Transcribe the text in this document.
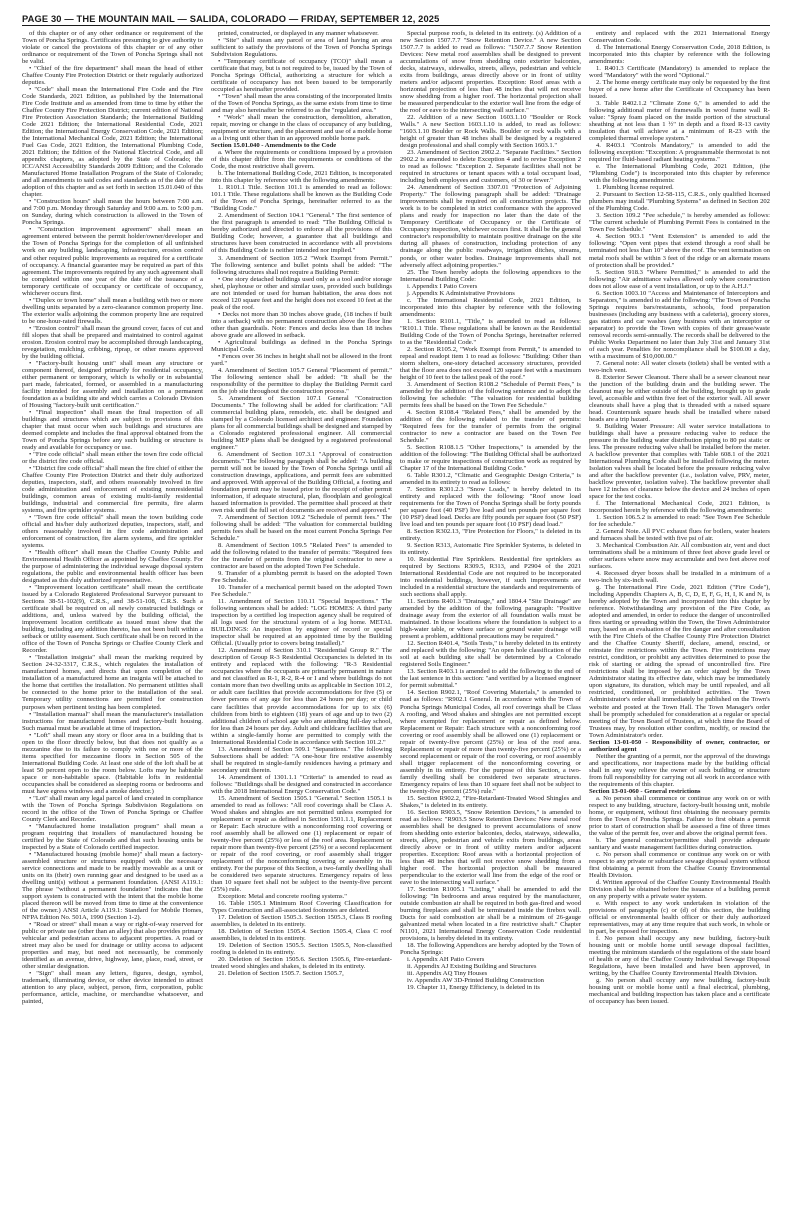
PAGE 30 — THE MOUNTAIN MAIL — SALIDA, COLORADO — FRIDAY, SEPTEMBER 12, 2025

of this chapter or of any other ordinance or requirement of the Town of Poncha Springs. Certificates presuming to give authority to violate or cancel the provisions of this chapter or of any other ordinance or requirement of the Town of Poncha Springs shall not be valid.

• "Chief of the fire department" shall mean the head of either Chaffee County Fire Protection District or their regularly authorized deputies.

• "Code" shall mean the International Fire Code and the Fire Code Standards, 2021 Edition, as published by the International Fire Code Institute and as amended from time to time by either the Chaffee County Fire Protection District; current edition of National Fire Protection Association Standards; the International Building Code 2021 Edition; the International Residential Code, 2021 Edition; the International Energy Conservation Code, 2021 Edition; the International Mechanical Code, 2021 Edition; the International Fuel Gas Code, 2021 Edition, the International Plumbing Code, 2021 Edition; the Edition of the National Electrical Code, and all appendix chapters, as adopted by the State of Colorado; the ICC/ANSI Accessibility Standards 2009 Edition; and the Colorado Manufactured Home Installation Program of the State of Colorado; and all amendments to said codes and standards as of the date of the adoption of this chapter and as set forth in section 15.01.040 of this chapter.

• "Construction hours" shall mean the hours between 7:00 a.m. and 7:00 p.m. Monday through Saturday and 9:00 a.m. to 5:00 p.m. on Sunday, during which construction is allowed in the Town of Poncha Springs.

• "Construction improvement agreement" shall mean an agreement entered between the permit holder/owner/developer and the Town of Poncha Springs for the completion of all unfinished work on any building, landscaping, infrastructure, erosion control and other required public improvements as required for a certificate of occupancy. A financial guarantee may be required as part of this agreement. The improvements required by any such agreement shall be completed within one year of the date of the issuance of a temporary certificate of occupancy or certificate of occupancy, whichever occurs first.

• "Duplex or town home" shall mean a building with two or more dwelling units separated by a zero-clearance common property line. The exterior walls adjoining the common property line are required to be one-hour-rated firewalls.

• "Erosion control" shall mean the ground cover, faces of cut and fill slopes that shall be prepared and maintained to control against erosion. Erosion control may be accomplished through landscaping, revegetation, mulching, cribbing, riprap, or other means approved by the building official.

• "Factory-built housing unit" shall mean any structure or component thereof, designed primarily for residential occupancy, either permanent or temporary, which is wholly or in substantial part made, fabricated, formed, or assembled in a manufacturing facility intended for assembly and installation on a permanent foundation as a building site and which carries a Colorado Division of Housing "factory-built unit certification."

• "Final inspection" shall mean the final inspection of all buildings and structures which are subject to provisions of this chapter that must occur when such buildings and structures are deemed complete and includes the final approval obtained from the Town of Poncha Springs before any such building or structure is ready and available for occupancy or use.

• "Fire code official" shall mean either the town fire code official or the district fire code official.

• "District fire code official" shall mean the fire chief of either the Chaffee County Fire Protection District and their duly authorized deputies, inspectors, staff, and others reasonably involved in fire code administration and enforcement of existing nonresidential buildings, common areas of existing multi-family residential buildings, industrial and commercial fire permits, fire alarm systems, and fire sprinkler systems.

• "Town fire code official" shall mean the town building code official and his/her duly authorized deputies, inspectors, staff, and others reasonably involved in fire code administration and enforcement of construction, fire alarm systems, and fire sprinkler systems.

• "Health officer" shall mean the Chaffee County Public and Environmental Health Officer as appointed by Chaffee County. For the purpose of administering the individual sewage disposal system regulations, the public and environmental health officer has been designated as this duly authorized representative.

• "Improvement location certificate" shall mean the certificate issued by a Colorado Registered Professional Surveyor pursuant to Sections 38-51-102(9), C.R.S., and 38-51-108, C.R.S. Such a certificate shall be required on all newly constructed buildings or additions, and, unless waived by the building official, the improvement location certificate as issued must show that the building, including any addition thereto, has not been built within a setback or utility easement. Such certificate shall be on record in the office of the Town of Poncha Springs or Chaffee County Clerk and Recorder.

• "Installation insignia" shall mean the marking required by Section 24-32-3317, C.R.S., which regulates the installation of manufactured homes, and directs that upon completion of the installation of a manufactured home an insignia will be attached to the home that certifies the installation. No permanent utilities shall be connected to the home prior to the installation of the seal. Temporary utility connections are permitted for construction purposes when pertinent testing has been completed.

• "Installation manual" shall mean the manufacturer's installation instructions for manufactured homes and factory-built housing. Such manual must be available at time of inspection.

• "Loft" shall mean any story or floor area in a building that is open to the floor directly below, but that does not qualify as a mezzanine due to its failure to comply with one or more of the items specified for mezzanine floors in Section 505 of the International Building Code. At least one side of the loft shall be at least 50 percent open to the room below. Lofts may be habitable space or non-habitable space. (Habitable lofts in residential occupancies shall be considered as sleeping rooms or bedrooms and must have egress windows and a smoke detector.)

• "Lot" shall mean any legal parcel of land created in compliance with the Town of Poncha Springs Subdivision Regulations on record in the office of the Town of Poncha Springs or Chaffee County Clerk and Recorder.

• "Manufactured home installation program" shall mean a program requiring that installers of manufactured housing be certified by the State of Colorado and that such housing units be inspected by a State of Colorado certified inspector.

• "Manufactured housing (mobile home)" shall mean a factory-assembled structure or structures equipped with the necessary service connections and made to be readily moveable as a unit or units on its (their) own running gear and designed to be used as a dwelling unit(s) without a permanent foundation. (ANSI A119.1: The phrase "without a permanent foundation" indicates that the support system is constructed with the intent that the mobile home placed thereon will be moved from time to time at the convenience of the owner.) ANSI Article A119.1: Standard for Mobile Homes, NFPA Edition No. 501A, 1990 (Section 1-2).

• "Road or street" shall mean a way or right-of-way reserved for public or private use (other than an alley) that also provides primary vehicular and pedestrian access to adjacent properties. A road or street may also be used for drainage or utility access to adjacent properties and may, but need not necessarily, be commonly identified as an avenue, drive, highway, lane, place, road, street, or other similar designation.

• "Sign" shall mean any letters, figures, design, symbol, trademark, illuminating device, or other device intended to attract attention to any place, subject, person, firm, corporation, public performance, article, machine, or merchandise whatsoever, and painted,

printed, constructed, or displayed in any manner whatsoever.

• "Site" shall mean any parcel or area of land having an area sufficient to satisfy the provisions of the Town of Poncha Springs Subdivision Regulations.

• "Temporary certificate of occupancy (TCO)" shall mean a certificate that may, but is not required to be, issued by the Town of Poncha Springs Official, authorizing a structure for which a certificate of occupancy has not been issued to be temporarily occupied as hereinafter provided.

• "Town" shall mean the area consisting of the incorporated limits of the Town of Poncha Springs, as the same exists from time to time and may also hereinafter be referred to as the "regulated area."

• "Work" shall mean the construction, demolition, alteration, repair, moving or change in the class of occupancy of any building, equipment or structure, and the placement and use of a mobile home as a living unit other than in an approved mobile home park.

Section 15.01.040 - Amendments to the Code

a. Where the requirements or conditions imposed by a provision of this chapter differ from the requirements or conditions of the Code, the most restrictive shall govern.

b. The International Building Code, 2021 Edition, is incorporated into this chapter by reference with the following amendments:

1. R101.1 Title. Section 101.1 is amended to read as follows: 101.1 Title. These regulations shall be known as the Building Code of the Town of Poncha Springs, hereinafter referred to as the "Building Code."

2. Amendment of Section 104.1 "General." The first sentence of the first paragraph is amended to read: "The Building Official is hereby authorized and directed to enforce all the provisions of this Building Code; however, a guarantee that all buildings and structures have been constructed in accordance with all provisions of this Building Code is neither intended nor implied."

3. Amendment of Section 105.2 "Work Exempt from Permit." The following sentence and bullet points shall be added: "The following structures shall not require a Building Permit:

• One story detached buildings used only as a tool and/or storage shed, playhouse or other and similar uses, provided such buildings are not intended or used for human habitation, the area does not exceed 120 square feet and the height does not exceed 10 feet at the peak of the roof.

• Decks not more than 30 inches above grade, (18 inches if built into a setback) with no permanent construction above the floor line other than guardrails. Note: Fences and decks less than 18 inches above grade are allowed in setback.

• Agricultural buildings as defined in the Poncha Springs Municipal Code.

• Fences over 36 inches in height shall not be allowed in the front yard."

4. Amendment of Section 105.7 General "Placement of permit." The following sentence shall be added: "It shall be the responsibility of the permittee to display the Building Permit card on the job site throughout the construction process."

5. Amendment of Section 107.1 General "Construction Documents." The following shall be added for clarification: "All commercial building plans, remodels, etc. shall be designed and stamped by a Colorado licensed architect and engineer. Foundation plans for all commercial buildings shall be designed and stamped by a Colorado registered professional engineer. All commercial building MEP plans shall be designed by a registered professional engineer."

6. Amendment of Section 107.3.1 "Approval of construction documents." The following paragraph shall be added: "A building permit will not be issued by the Town of Poncha Springs until all construction drawings, applications, and permit fees are submitted and approved. With approval of the Building Official, a footing and foundation permit may be issued prior to the receipt of other permit information, if adequate structural, plan, floodplain and geological hazard information is provided. The permittee shall proceed at their own risk until the full set of documents are received and approved."

7. Amendment of Section 109.2 "Schedule of permit fees." The following shall be added: "The valuation for commercial building permits fees shall be based on the most current Poncha Springs Fee Schedule."

8. Amendment of Section 109.5 "Related Fees" is amended to add the following related to the transfer of permits: "Required fees for the transfer of permits from the original contractor to new a contractor are based on the adopted Town Fee Schedule.

9. Transfer of a plumbing permit is based on the adopted Town Fee Schedule.

10. Transfer of a mechanical permit based on the adopted Town Fee Schedule."

11. Amendment of Section 110.11 "Special Inspections." The following sentences shall be added: "LOG HOMES: A third party inspection by a certified log inspection agency shall be required of all logs used for the structural system of a log home. METAL BUILDINGS: An inspection by engineer of record or special inspector shall be required at an appointed time by the Building Official. (Usually prior to covers being installed)."

12. Amendment of Section 310.1 "Residential Group R." The description of Group R-3 Residential Occupancies is deleted in its entirety and replaced with the following: "R-3 Residential occupancies where the occupants are primarily permanent in nature and not classified as R-1, R-2, R-4 or I and where buildings do not contain more than two dwelling units as applicable in Section 101.2, or adult care facilities that provide accommodations for five (5) or fewer persons of any age for less than 24 hours per day; or child care facilities that provide accommodations for up to six (6) children from birth to eighteen (18) years of age and up to two (2) additional children of school age who are attending full-day school, for less than 24 hours per day. Adult and childcare facilities that are within a single-family home are permitted to comply with the International Residential Code in accordance with Section 101.2."

13. Amendment of Section 509.1 "Separations." The following Subsections shall be added: "A one-hour fire resistive assembly shall be required in single-family residences having a primary and secondary unit therein.

14. Amendment of 1301.1.1 "Criteria" is amended to read as follows: "Buildings shall be designed and constructed in accordance with the 2018 International Energy Conservation Code."

15. Amendment of Section 1505.1 "General." Section 1505.1 is amended to read as follows: "All roof coverings shall be Class A. Wood shakes and shingles are not permitted unless exempted for replacement or repair as defined in Section 1501.1.1, Replacement or Repair: Each structure with a nonconforming roof covering or roof assembly shall be allowed one (1) replacement or repair of twenty-five percent (25%) or less of the roof area. Replacement or repair more than twenty-five percent (25%) or a second replacement or repair of the roof covering, or roof assembly shall trigger replacement of the nonconforming covering or assembly in its entirety. For the purpose of this Section, a two-family dwelling shall be considered two separate structures. Emergency repairs of less than 10 square feet shall not be subject to the twenty-five percent (25%) rule.

Exception: Metal and concrete roofing systems."

16. Table 1505.1 Minimum Roof Covering Classification for Types Construction and all-associated footnotes are deleted.

17. Deletion of Section 1505.3. Section 1505.3, Class B roofing assemblies, is deleted in its entirety.

18. Deletion of Section 1505.4. Section 1505.4, Class C roof assemblies, is deleted in its entirety.

19. Deletion of Section 1505.5. Section 1505.5, Non-classified roofing is deleted in its entirety.

20. Deletion of Section 1505.6. Section 1505.6, Fire-retardant-treated wood shingles and shakes, is deleted in its entirety.

21. Deletion of Section 1505.7. Section 1505.7,

Special purpose roofs, is deleted in its entirety. (s) Addition of a new Section 1507.7.7 "Snow Retention Device." A new Section 1507.7.7 is added to read as follows: "1507.7.7 Snow Retention Devices: New metal roof assemblies shall be designed to prevent accumulations of snow from shedding onto exterior balconies, decks, stairways, sidewalks, streets, alleys, pedestrian and vehicle exits from buildings, areas directly above or in front of utility meters and/or adjacent properties. Exception: Roof areas with a horizontal projection of less than 48 inches that will not receive snow shedding from a higher roof. The horizontal projection shall be measured perpendicular to the exterior wall line from the edge of the roof or eave to the intersecting wall surface."

22. Addition of a new Section 1603.1.10 "Boulder or Rock Walls." A new Section 1603.1.10 is added, to read as follows: "1603.1.10 Boulder or Rock Walls. Boulder or rock walls with a height of greater than 48 inches shall be designed by a registered design professional and shall comply with Section 1603.1."

23. Amendment of Section 2902.2. "Separate Facilities." Section 2902.2 is amended to delete Exception 4 and to revise Exception 2 to read as follows: "Exception 2. Separate facilities shall not be required in structures or tenant spaces with a total occupant load, including both employees and customers, of 30 or fewer."

24. Amendment of Section 3307.01 "Protection of Adjoining Property." The following paragraph shall be added: "Drainage improvements shall be required on all construction projects. The work is to be completed in strict conformance with the approved plans and ready for inspection no later than the date of the Temporary Certificate of Occupancy or the Certificate of Occupancy inspection, whichever occurs first. It shall be the general contractor's responsibility to maintain positive drainage on the site during all phases of construction, including protection of any drainage along the public roadways, irrigation ditches, streams, ponds, or other water bodies. Drainage improvements shall not adversely affect adjoining properties."

25. The Town hereby adopts the following appendices to the International Building Code:

i. Appendix I Patio Covers

j. Appendix K Administrative Provisions

c. The International Residential Code, 2021 Edition, is incorporated into this chapter by reference with the following amendments:

1. Section R101.1, "Title," is amended to read as follows: "R101.1 Title. These regulations shall be known as the Residential Building Code of the Town of Poncha Springs, hereinafter referred to as the "Residential Code."

2. Section R105.2, "Work Exempt from Permit," is amended to repeal and readopt item 1 to read as follows: "Building: Other than storm shelters, one-story detached accessory structures, provided that the floor area does not exceed 120 square feet with a maximum height of 10 feet to the tallest peak of the roof."

3. Amendment of Section R108.2 "Schedule of Permit Fees," is amended by the addition of the following sentence and to adopt the following fee schedule: "The valuation for residential building permits fees shall be based on the Town Fee Schedule."

4. Section R108.4 "Related Fees," shall be amended by the addition of the following related to the transfer of permits: "Required fees for the transfer of permits from the original contractor to new a contractor are based on the Town Fee Schedule."

5. Section R108.1.5 "Other Inspections," is amended by the addition of the following: "The Building Official shall be authorized to make or require inspections of construction work as required by Chapter 17 of the International Building Code."

6. Table R301.2, "Climatic and Geographic Design Criteria," is amended in its entirety to read as follows:

7. Section R301.2.3 "Snow Loads," is hereby deleted in its entirety and replaced with the following: "Roof snow load requirements for the Town of Poncha Springs shall be forty pounds per square foot (40 PSF) live load and ten pounds per square foot (10 PSF) dead load. Decks are fifty pounds per square foot (50 PSF) live load and ten pounds per square foot (10 PSF) dead load."

8. Section R302.13, "Fire Protection for Floors," is deleted in its entirety.

9. Section R313, Automatic Fire Sprinkler Systems, is deleted in its entirety.

10. Residential Fire Sprinklers. Residential fire sprinklers as required by Sections R309.5, R313, and P2904 of the 2021 International Residential Code are not required to be incorporated into residential buildings, however, if such improvements are included in a residential structure the standards and requirements of such sections shall apply.

11. Sections R401.3 "Drainage," and 1804.4 "Site Drainage" are amended by the addition of the following paragraph: "Positive drainage away from the exterior of all foundation walls must be maintained. In those locations where the foundation is subject to a high-water table, or where surface or ground water drainage will present a problem, additional precautions may be required."

12. Section R401.4, "Soils Tests," is hereby deleted in its entirety and replaced with the following: "An open hole classification of the soil at each building site shall be determined by a Colorado registered Soils Engineer."

13. Section R403.1 is amended to add the following to the end of the last sentence in this section: "and verified by a licensed engineer for permit submittal."

14. Section R902.1, "Roof Covering Materials," is amended to read as follows: "R902.1 General. In accordance with the Town of Poncha Springs Municipal Codes, all roof coverings shall be Class A roofing, and Wood shakes and shingles are not permitted except where exempted for replacement or repair as defined below. Replacement or Repair: Each structure with a nonconforming roof covering or roof assembly shall be allowed one (1) replacement or repair of twenty-five percent (25%) or less of the roof area. Replacement or repair of more than twenty-five percent (25%) or a second replacement or repair of the roof covering, or roof assembly shall trigger replacement of the nonconforming covering or assembly in its entirety. For the purpose of this Section, a two-family dwelling shall be considered two separate structures. Emergency repairs of less than 10 square feet shall not be subject to the twenty-five percent (25%) rule."

15. Section R902.2, "Fire-Retardant-Treated Wood Shingles and Shakes," is deleted in its entirety.

16. Section R903.5, "Snow Retention Devices," is amended to read as follows: "R903.5 Snow Retention Devices: New metal roof assemblies shall be designed to prevent accumulations of snow from shedding onto exterior balconies, decks, stairways, sidewalks, streets, alleys, pedestrian and vehicle exits from buildings, areas directly above or in front of utility meters and/or adjacent properties. Exception: Roof areas with a horizontal projection of less than 48 inches that will not receive snow shedding from a higher roof. The horizontal projection shall be measured perpendicular to the exterior wall line from the edge of the roof or eave to the intersecting wall surface."

17. Section R1005.1 "Listing," shall be amended to add the following: "In bedrooms and areas required by the manufacturer, outside combustion air shall be required in both gas-fired and wood burning fireplaces and shall be terminated inside the firebox wall. Ducts for said combustion air shall be a minimum of 26-gauge galvanized metal when located in a fire restrictive shaft." Chapter N1101, 2021 International Energy Conservation Code residential provisions, is hereby deleted in its entirety.

18. The following Appendices are hereby adopted by the Town of Poncha Springs:

i. Appendix AH Patio Covers

ii. Appendix AJ Existing Building and Structures

iii. Appendix AQ Tiny Houses

iv. Appendix AW 3D-Printed Building Construction

19. Chapter 11, Energy Efficiency, is deleted in its

entirety and replaced with the 2021 International Energy Conservation Code.

d. The International Energy Conservation Code, 2018 Edition, is incorporated into this chapter by reference with the following amendments:

1. R401.3 Certificate (Mandatory) is amended to replace the word "Mandatory" with the word "Optional."

2. The home energy certificate may only be requested by the first buyer of a new home after the Certificate of Occupancy has been issued.

3. Table R402.1.2 "Climate Zone 6," is amended to add the following additional meter of framewalls in wood frame wall R-value: "Spray foam placed on the inside portion of the structural sheathing at not less than 1 ½" in depth and a fixed R-13 cavity insulation that will achieve at a minimum of R-23 with the completed thermal envelope system."

4. R403.1 "Controls Mandatory," is amended to add the following exception: "Exception: A programmable thermostat is not required for fluid-based radiant heating systems."

e. The International Plumbing Code, 2021 Edition, (the "Plumbing Code") is incorporated into this chapter by reference with the following amendments:

1. Plumbing license required.

2. Pursuant to Section 12-58-115, C.R.S., only qualified licensed plumbers may install "Plumbing Systems" as defined in Section 202 of the Plumbing Code.

3. Section 109.2 "Fee schedule," is hereby amended as follows: "The current schedule of Plumbing Permit Fees is contained in the Town Fee Schedule."

4. Section 903.1 "Vent Extension" is amended to add the following: "Open vent pipes that extend through a roof shall be terminated not less than 10" above the roof. The vent termination on metal roofs shall be within 3 feet of the ridge or an alternate means of protection shall be provided."

5. Section 918.3 "Where Permitted," is amended to add the following: "Air admittance valves allowed only where construction does not allow ease of a vent installation, or up to the A.H.J."

6. Section 1003.10 "Access and Maintenance of Interceptors and Separators," is amended to add the following: "The Town of Poncha Springs requires bars/restaurants, schools, food preparation businesses (including any business with a cafeteria), grocery stores, gas stations and car washes (any business with an interceptor or separator) to provide the Town with copies of their grease/waste removal records semi-annually. The records shall be delivered to the Public Works Department no later than July 31st and January 31st of each year. Penalties for noncompliance shall be $100.00 a day, with a maximum of $10,000.00."

7. General note: All water closets (toilets) shall be vented with a two-inch vent.

8. Exterior Sewer Cleanout. There shall be a sewer cleanout near the junction of the building drain and the building sewer. The cleanout may be either outside of the building, brought up to grade level, accessible and within five feet of the exterior wall. All sewer cleanouts shall have a plug that is threaded with a raised square head. Countersunk square heads shall be installed where raised heads are a trip hazard.

9. Building Water Pressure: All water service installations to buildings shall have a pressure reducing valve to reduce the pressure in the building water distribution piping to 80 psi static or less. The pressure reducing valve shall be installed before the meter. A backflow preventer that complies with Table 608.1 of the 2021 International Plumbing Code shall be installed following the meter. Isolation valves shall be located before the pressure reducing valve and after the backflow preventer (i.e., isolation valve, PRV, meter, backflow preventer, isolation valve). The backflow preventer shall have 12 inches of clearance below the device and 24 inches of open space for the test cocks.

f. The International Mechanical Code, 2021 Edition, is incorporated herein by reference with the following amendments:

1. Section 106.5.2 is amended to read: "See Town Fee Schedule for fee schedule."

2. General Note. All PVC exhaust flues for boilers, water heaters and furnaces shall be tested with five psi of air.

3. Mechanical Combustion Air. All combustion air, vent and duct terminations shall be a minimum of three feet above grade level or other surfaces where snow may accumulate and two feet above roof surfaces.

4. Recessed dryer boxes shall be installed in a minimum of a two-inch by six-inch wall.

g. The International Fire Code, 2021 Edition ("Fire Code"), including Appendix Chapters A, B, C, D, E, F, G, H, I, K and N, is hereby adopted by the Town and incorporated into this chapter by reference. Notwithstanding any provision of the Fire Code, as adopted and amended, in order to reduce the danger of uncontrolled fires starting or spreading within the Town, the Town Administrator may, based on an evaluation of the fire danger and after consultation with the Fire Chiefs of the Chaffee County Fire Protection District and the Chaffee County Sheriff, declare, amend, rescind, or reinstate fire restrictions within the Town. Fire restrictions may restrict, condition, or prohibit any activities determined to pose the risk of starting or aiding the spread of uncontrolled fire. Fire restrictions shall be imposed by an order signed by the Town Administrator stating its effective date, which may be immediately upon signature, its duration, which may be until repealed, and all restricted, conditioned, or prohibited activities. The Town Administrator's order shall immediately be published on the Town's website and posted at the Town Hall. The Town Manager's order shall be promptly scheduled for consideration at a regular or special meeting of the Town Board of Trustees, at which time the Board of Trustees may, by resolution either confirm, modify, or rescind the Town Administrator's order.

Section 13-01-050 - Responsibility of owner, contractor, or authorized agent

Neither the granting of a permit, nor the approval of the drawings and specifications, nor inspections made by the building official shall in any way relieve the owner of such building or structure from full responsibility for carrying out all work in accordance with the requirements of this chapter.

Section 13-01-060 - General restrictions

a. No person shall commence or continue any work on or with respect to any building, structure, factory-built housing unit, mobile home, or equipment, without first obtaining the necessary permits from the Town of Poncha Springs. Failure to first obtain a permit prior to start of construction shall be assessed a fine of three times the value of the permit fee, over and above the original permit fees.

b. The general contractor/permittee shall provide adequate sanitary and waste management facilities during construction.

c. No person shall commence or continue any work on or with respect to any private or subsurface sewage disposal system without first obtaining a permit from the Chaffee County Environmental Health Division.

d. Written approval of the Chaffee County Environmental Health Division shall be obtained before the issuance of a building permit on any property with a private water system.

e. With respect to any work undertaken in violation of the provisions of paragraphs (c) or (d) of this section, the building official or environmental health officer or their duly authorized representatives, may at any time require that such work, in whole or in part, be exposed for inspection.

f. No person shall occupy any new building, factory-built housing unit or mobile home until sewage disposal facilities, meeting the minimum standards of the regulations of the state board of health or any of the Chaffee County Individual Sewage Disposal Regulations, have been installed and have been approved, in writing, by the Chaffee County Environmental Health Division.

g. No person shall occupy any new building, factory-built housing unit or mobile home until a final electrical, plumbing, mechanical and building inspection has taken place and a certificate of occupancy has been issued.
